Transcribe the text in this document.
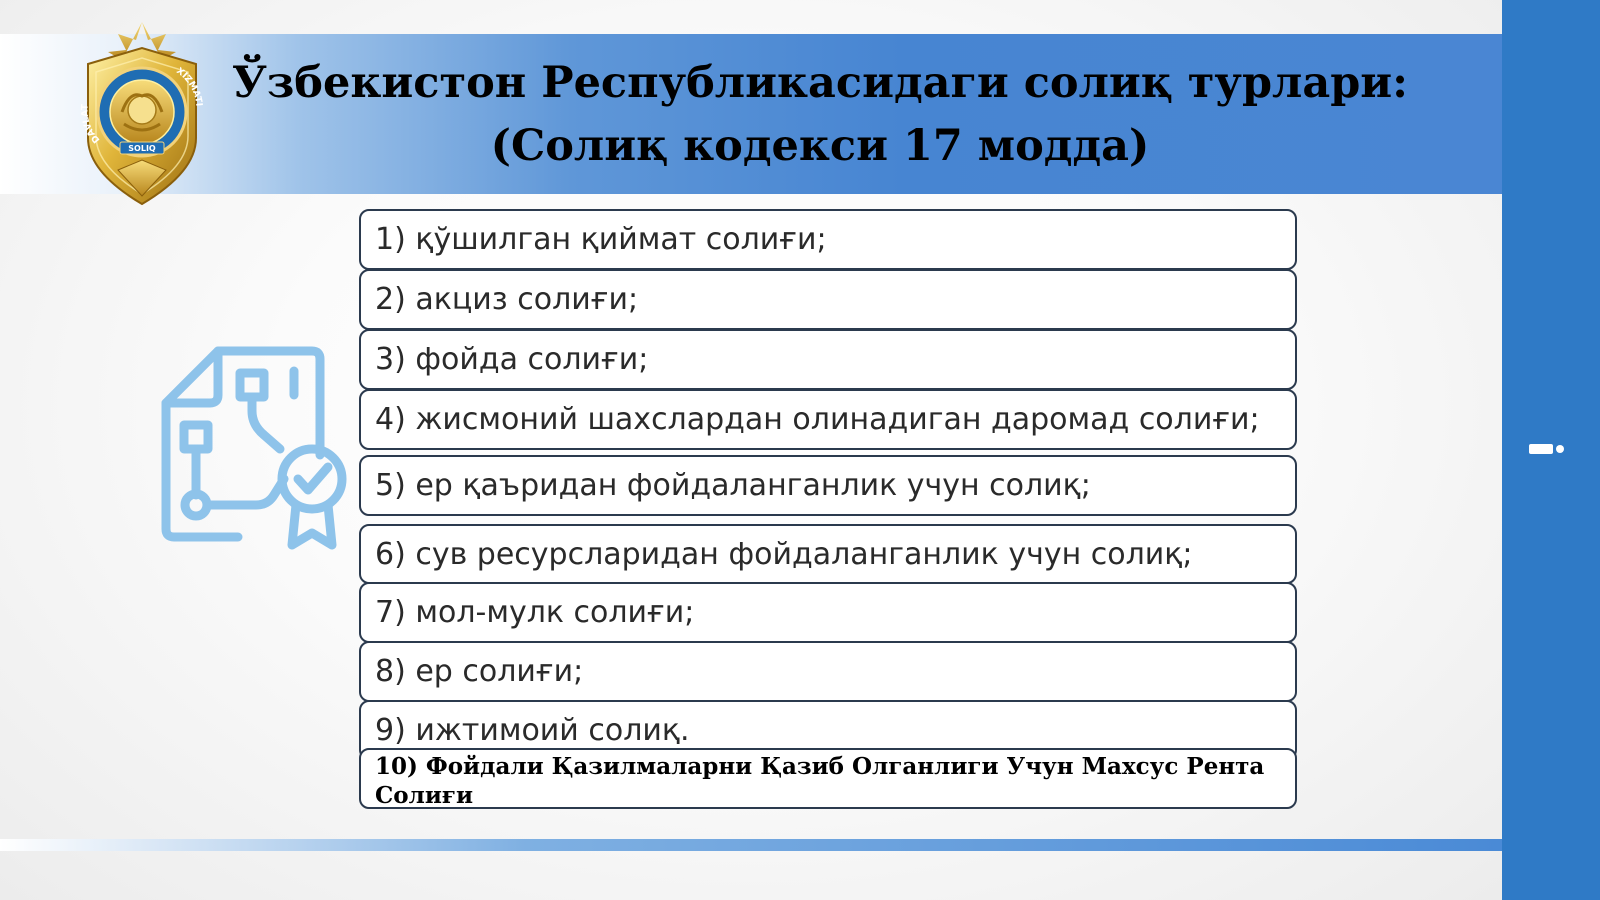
DAVLAT
XIZMATI
SOLIQ
Ўзбекистон Республикасидаги солиқ турлари:
(Солиқ кодекси 17 модда)
1) қўшилган қиймат солиғи;
2) акциз солиғи;
3) фойда солиғи;
4) жисмоний шахслардан олинадиган даромад солиғи;
5) ер қаъридан фойдаланганлик учун солиқ;
6) сув ресурсларидан фойдаланганлик учун солиқ;
7) мол-мулк солиғи;
8) ер солиғи;
9) ижтимоий солиқ.
10) Фойдали Қазилмаларни Қазиб Олганлиги Учун Махсус Рента Солиғи
